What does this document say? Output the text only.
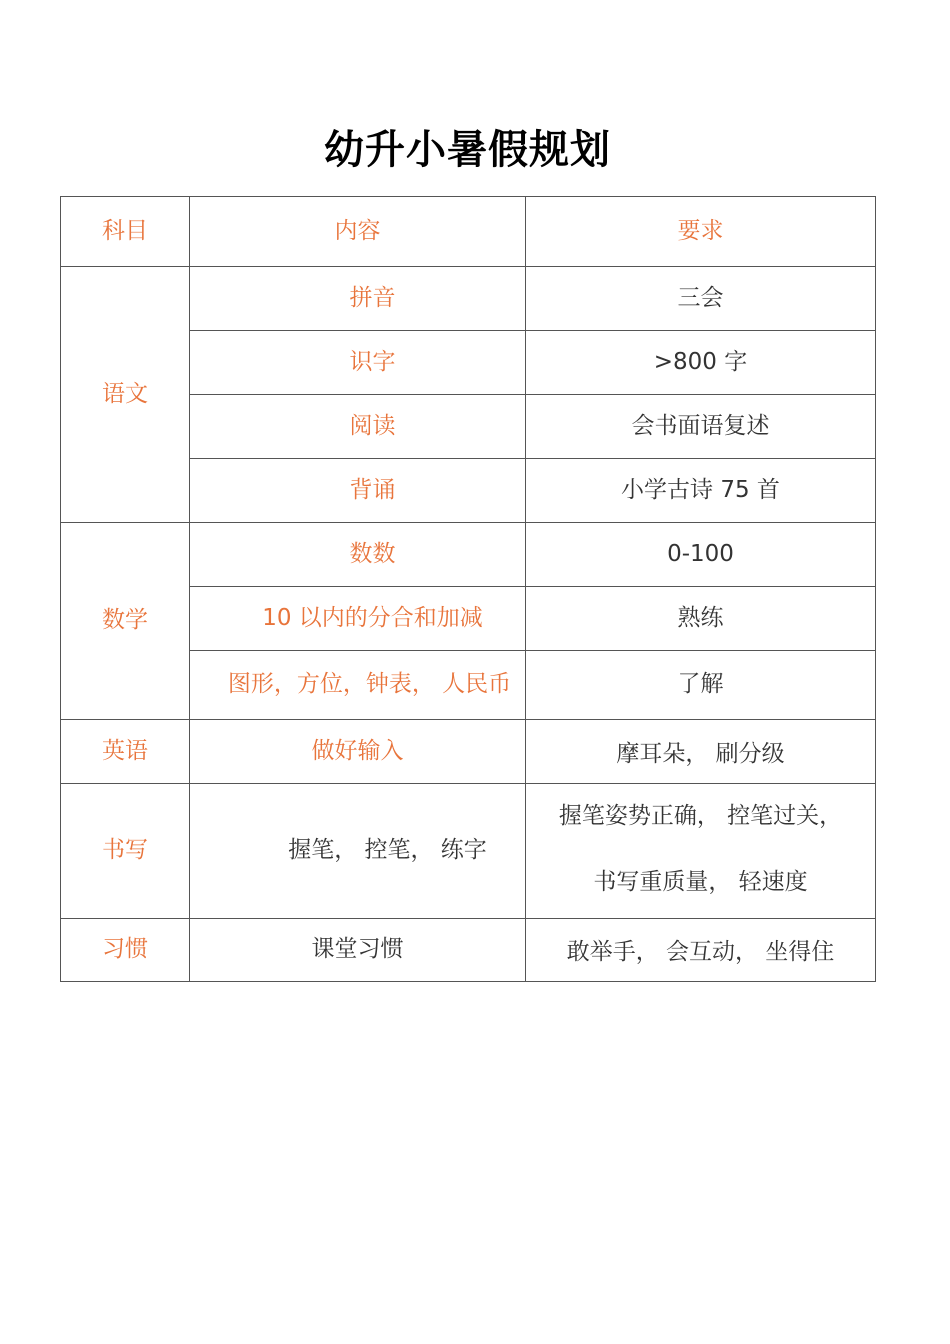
幼升小暑假规划
科目	内容	要求
语文	拼音	三会
	识字	>800 字
	阅读	会书面语复述
	背诵	小学古诗 75 首
数学	数数	0-100
	10 以内的分合和加减	熟练

	图形，方位，钟表， 人民币	了解
英语	做好输入	摩耳朵， 刷分级
书写	握笔， 控笔， 练字	握笔姿势正确， 控笔过关，
书写重质量， 轻速度

习惯	课堂习惯	敢举手， 会互动， 坐得住
